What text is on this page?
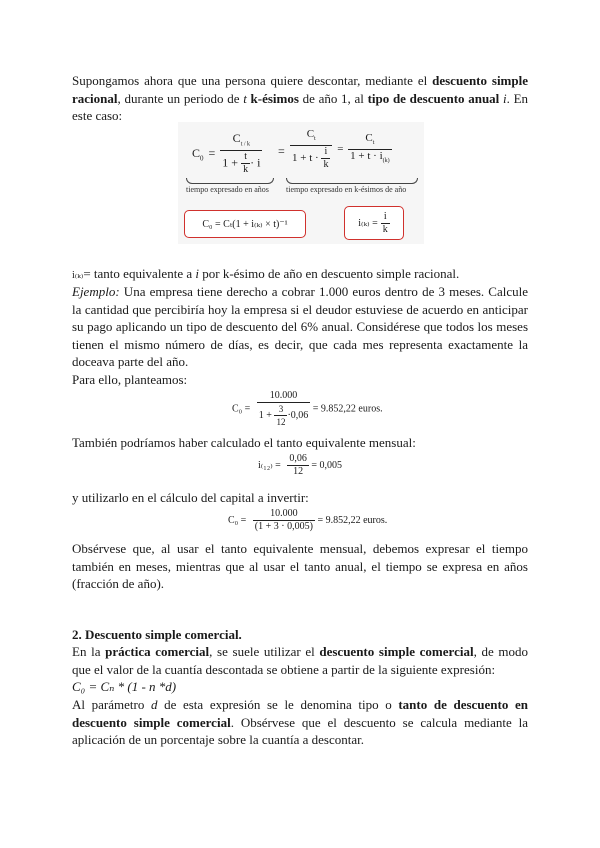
Supongamos ahora que una persona quiere descontar, mediante el descuento simple racional, durante un periodo de t k-ésimos de año 1, al tipo de descuento anual i. En este caso:
$C_0 = \frac{C_{t / k}}{1 + \frac{t}{k} \cdot i} = \frac{C_t}{1 + t \cdot \frac{i}{k}} = \frac{C_t}{1 + t \cdot i_{(k)}}$
tiempo expresado en años tiempo expresado en k-ésimos de año
C₀ = Cₜ(1 + i₍ₖ₎ × t)⁻¹	$i_{(k)} = \frac{i}{k}$
i₍ₖ₎= tanto equivalente a i por k-ésimo de año en descuento simple racional.
Ejemplo: Una empresa tiene derecho a cobrar 1.000 euros dentro de 3 meses. Calcule la cantidad que percibiría hoy la empresa si el deudor estuviese de acuerdo en anticipar su pago aplicando un tipo de descuento del 6% anual. Considérese que todos los meses tienen el mismo número de días, es decir, que cada mes representa exactamente la doceava parte del año.
Para ello, planteamos:
$C_0 = \frac{10.000}{1 + \frac{3}{12} \cdot 0,06} = 9.852,22$ euros.
También podríamos haber calculado el tanto equivalente mensual:
$i_{(12)} = \frac{0,06}{12} = 0,005$
y utilizarlo en el cálculo del capital a invertir:
$C_0 = \frac{10.000}{(1 + 3 \cdot 0,005)} = 9.852,22$ euros.
Obsérvese que, al usar el tanto equivalente mensual, debemos expresar el tiempo también en meses, mientras que al usar el tanto anual, el tiempo se expresa en años (fracción de año).
2. Descuento simple comercial.
En la práctica comercial, se suele utilizar el descuento simple comercial, de modo que el valor de la cuantía descontada se obtiene a partir de la siguiente expresión:
C₀ = Cₙ * (1 - n *d)
Al parámetro d de esta expresión se le denomina tipo o tanto de descuento en descuento simple comercial. Obsérvese que el descuento se calcula mediante la aplicación de un porcentaje sobre la cuantía a descontar.
